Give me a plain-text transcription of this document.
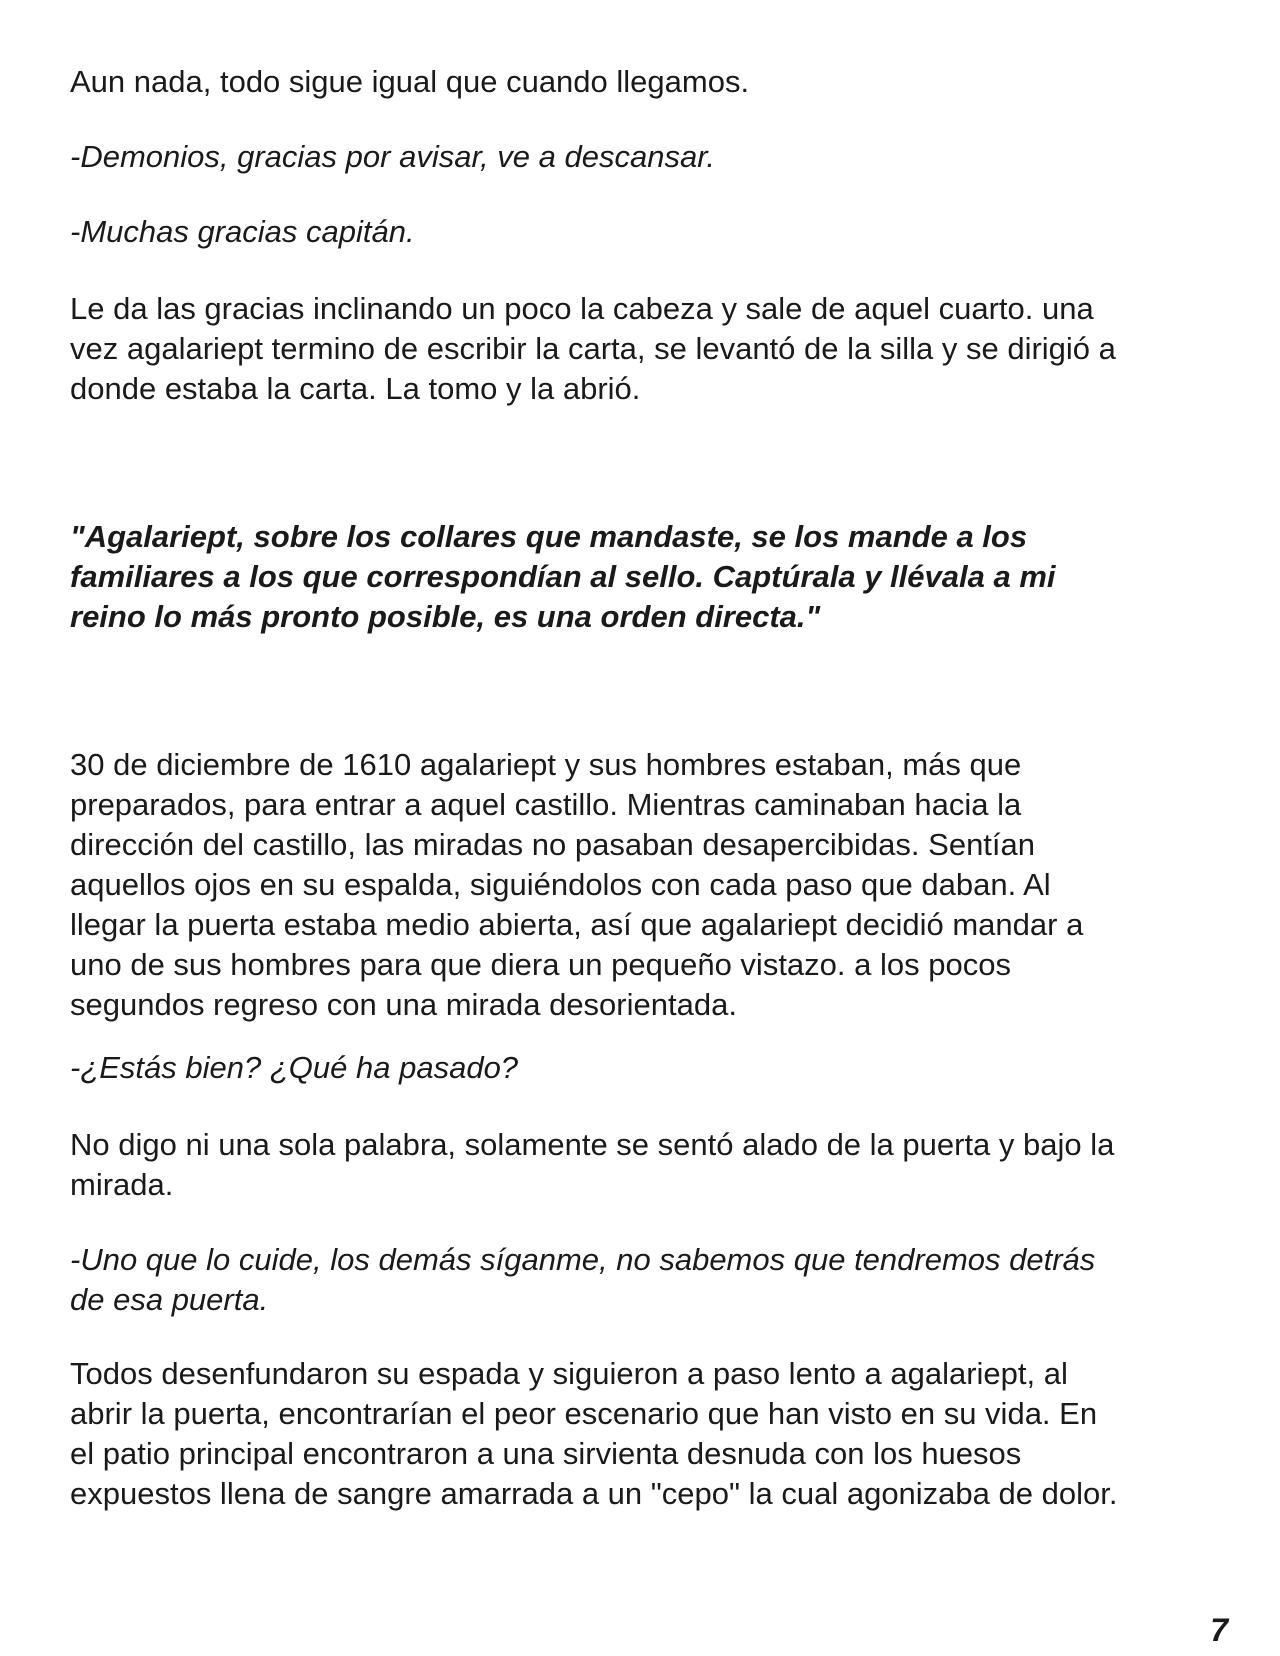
Aun nada, todo sigue igual que cuando llegamos.

-Demonios, gracias por avisar, ve a descansar.

-Muchas gracias capitán.

Le da las gracias inclinando un poco la cabeza y sale de aquel cuarto. una
vez agalariept termino de escribir la carta, se levantó de la silla y se dirigió a
donde estaba la carta. La tomo y la abrió.

"Agalariept, sobre los collares que mandaste, se los mande a los
familiares a los que correspondían al sello. Captúrala y llévala a mi
reino lo más pronto posible, es una orden directa."

30 de diciembre de 1610 agalariept y sus hombres estaban, más que
preparados, para entrar a aquel castillo. Mientras caminaban hacia la
dirección del castillo, las miradas no pasaban desapercibidas. Sentían
aquellos ojos en su espalda, siguiéndolos con cada paso que daban. Al
llegar la puerta estaba medio abierta, así que agalariept decidió mandar a
uno de sus hombres para que diera un pequeño vistazo. a los pocos
segundos regreso con una mirada desorientada.

-¿Estás bien? ¿Qué ha pasado?

No digo ni una sola palabra, solamente se sentó alado de la puerta y bajo la
mirada.

-Uno que lo cuide, los demás síganme, no sabemos que tendremos detrás
de esa puerta.

Todos desenfundaron su espada y siguieron a paso lento a agalariept, al
abrir la puerta, encontrarían el peor escenario que han visto en su vida. En
el patio principal encontraron a una sirvienta desnuda con los huesos
expuestos llena de sangre amarrada a un "cepo" la cual agonizaba de dolor.

7
